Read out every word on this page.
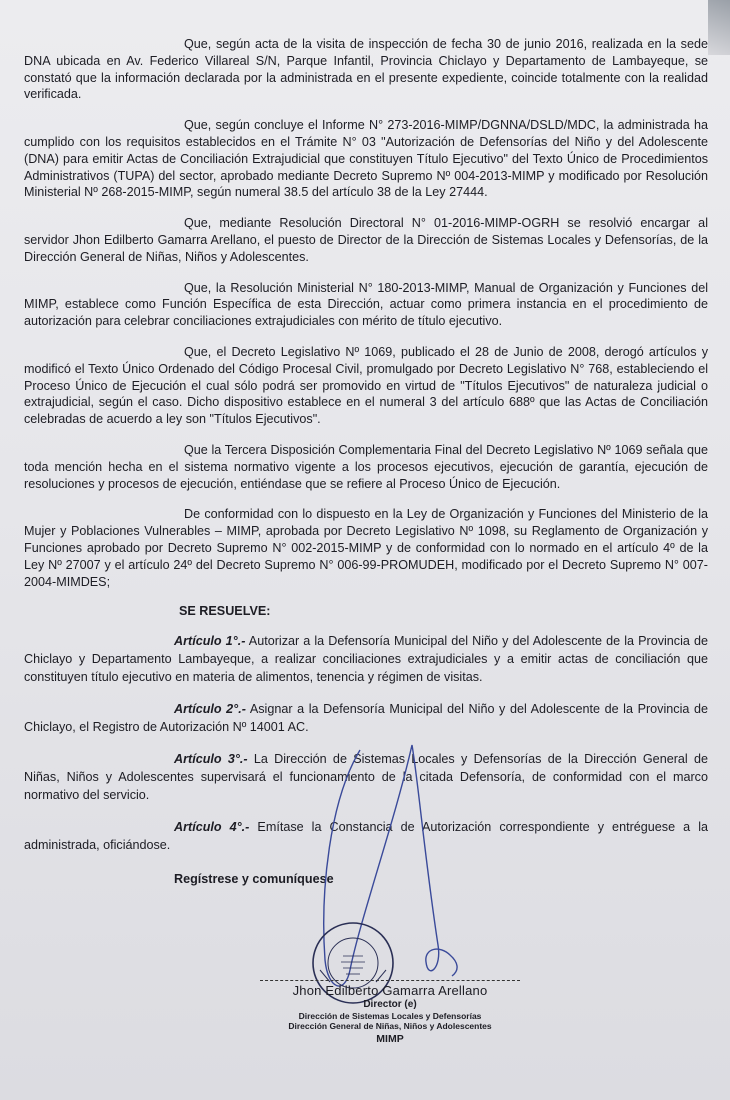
Que, según acta de la visita de inspección de fecha 30 de junio 2016, realizada en la sede DNA ubicada en Av. Federico Villareal S/N, Parque Infantil, Provincia Chiclayo y Departamento de Lambayeque, se constató que la información declarada por la administrada en el presente expediente, coincide totalmente con la realidad verificada.

Que, según concluye el Informe N° 273-2016-MIMP/DGNNA/DSLD/MDC, la administrada ha cumplido con los requisitos establecidos en el Trámite N° 03 "Autorización de Defensorías del Niño y del Adolescente (DNA) para emitir Actas de Conciliación Extrajudicial que constituyen Título Ejecutivo" del Texto Único de Procedimientos Administrativos (TUPA) del sector, aprobado mediante Decreto Supremo Nº 004-2013-MIMP y modificado por Resolución Ministerial Nº 268-2015-MIMP, según numeral 38.5 del artículo 38 de la Ley 27444.

Que, mediante Resolución Directoral N° 01-2016-MIMP-OGRH se resolvió encargar al servidor Jhon Edilberto Gamarra Arellano, el puesto de Director de la Dirección de Sistemas Locales y Defensorías, de la Dirección General de Niñas, Niños y Adolescentes.

Que, la Resolución Ministerial N° 180-2013-MIMP, Manual de Organización y Funciones del MIMP, establece como Función Específica de esta Dirección, actuar como primera instancia en el procedimiento de autorización para celebrar conciliaciones extrajudiciales con mérito de título ejecutivo.

Que, el Decreto Legislativo Nº 1069, publicado el 28 de Junio de 2008, derogó artículos y modificó el Texto Único Ordenado del Código Procesal Civil, promulgado por Decreto Legislativo N° 768, estableciendo el Proceso Único de Ejecución el cual sólo podrá ser promovido en virtud de "Títulos Ejecutivos" de naturaleza judicial o extrajudicial, según el caso. Dicho dispositivo establece en el numeral 3 del artículo 688º que las Actas de Conciliación celebradas de acuerdo a ley son "Títulos Ejecutivos".

Que la Tercera Disposición Complementaria Final del Decreto Legislativo Nº 1069 señala que toda mención hecha en el sistema normativo vigente a los procesos ejecutivos, ejecución de garantía, ejecución de resoluciones y procesos de ejecución, entiéndase que se refiere al Proceso Único de Ejecución.

De conformidad con lo dispuesto en la Ley de Organización y Funciones del Ministerio de la Mujer y Poblaciones Vulnerables – MIMP, aprobada por Decreto Legislativo Nº 1098, su Reglamento de Organización y Funciones aprobado por Decreto Supremo N° 002-2015-MIMP y de conformidad con lo normado en el artículo 4º de la Ley Nº 27007 y el artículo 24º del Decreto Supremo N° 006-99-PROMUDEH, modificado por el Decreto Supremo N° 007-2004-MIMDES;

SE RESUELVE:

Artículo 1°.- Autorizar a la Defensoría Municipal del Niño y del Adolescente de la Provincia de Chiclayo y Departamento Lambayeque, a realizar conciliaciones extrajudiciales y a emitir actas de conciliación que constituyen título ejecutivo en materia de alimentos, tenencia y régimen de visitas.

Artículo 2°.- Asignar a la Defensoría Municipal del Niño y del Adolescente de la Provincia de Chiclayo, el Registro de Autorización Nº 14001 AC.

Artículo 3°.- La Dirección de Sistemas Locales y Defensorías de la Dirección General de Niñas, Niños y Adolescentes supervisará el funcionamiento de la citada Defensoría, de conformidad con el marco normativo del servicio.

Artículo 4°.- Emítase la Constancia de Autorización correspondiente y entréguese a la administrada, oficiándose.

Regístrese y comuníquese

Jhon Edilberto Gamarra Arellano

Director (e)

Dirección de Sistemas Locales y Defensorías

Dirección General de Niñas, Niños y Adolescentes

MIMP
